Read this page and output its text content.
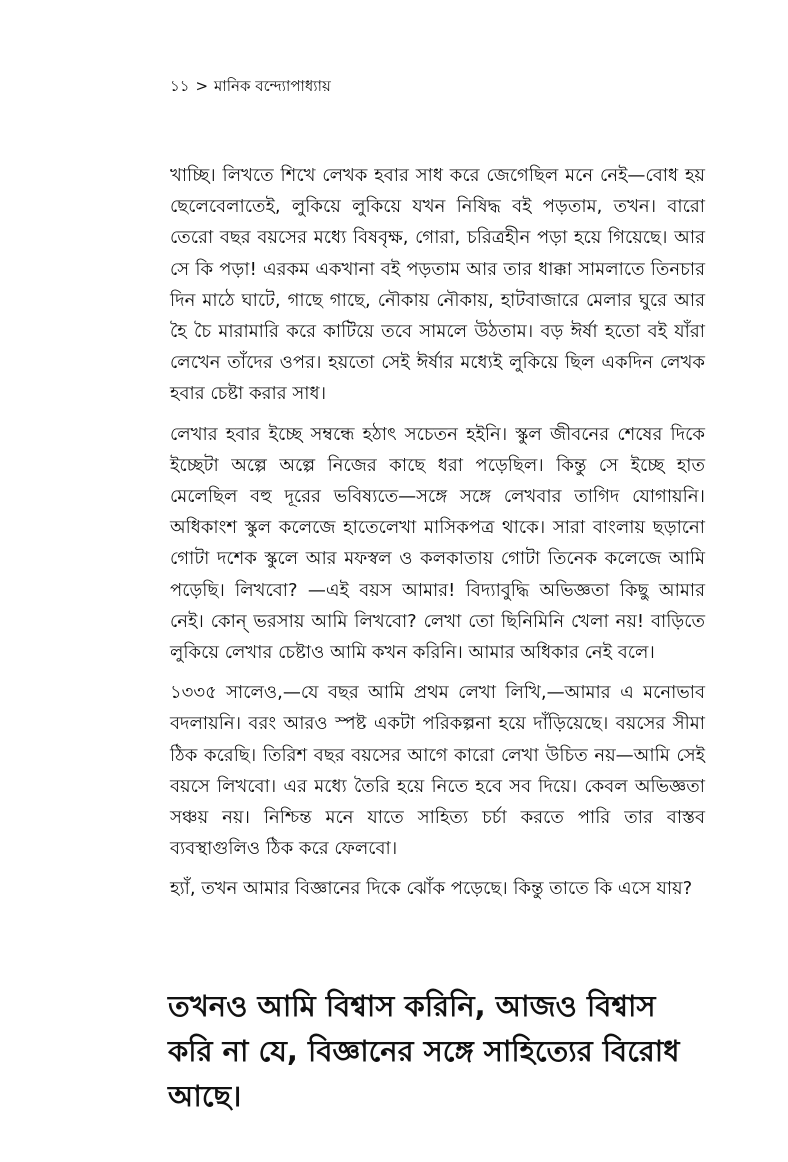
১১ > মানিক বন্দ্যোপাধ্যায়

খাচ্ছি। লিখতে শিখে লেখক হবার সাধ করে জেগেছিল মনে নেই—বোধ হয় ছেলেবেলাতেই, লুকিয়ে লুকিয়ে যখন নিষিদ্ধ বই পড়তাম, তখন। বারো তেরো বছর বয়সের মধ্যে বিষবৃক্ষ, গোরা, চরিত্রহীন পড়া হয়ে গিয়েছে। আর সে কি পড়া! এরকম একখানা বই পড়তাম আর তার ধাক্কা সামলাতে তিনচার দিন মাঠে ঘাটে, গাছে গাছে, নৌকায় নৌকায়, হাটবাজারে মেলার ঘুরে আর হৈ চৈ মারামারি করে কাটিয়ে তবে সামলে উঠতাম। বড় ঈর্ষা হতো বই যাঁরা লেখেন তাঁদের ওপর। হয়তো সেই ঈর্ষার মধ্যেই লুকিয়ে ছিল একদিন লেখক হবার চেষ্টা করার সাধ।

লেখার হবার ইচ্ছে সম্বন্ধে হঠাৎ সচেতন হইনি। স্কুল জীবনের শেষের দিকে ইচ্ছেটা অল্পে অল্পে নিজের কাছে ধরা পড়েছিল। কিন্তু সে ইচ্ছে হাত মেলেছিল বহু দূরের ভবিষ্যতে—সঙ্গে সঙ্গে লেখবার তাগিদ যোগায়নি। অধিকাংশ স্কুল কলেজে হাতেলেখা মাসিকপত্র থাকে। সারা বাংলায় ছড়ানো গোটা দশেক স্কুলে আর মফস্বল ও কলকাতায় গোটা তিনেক কলেজে আমি পড়েছি। লিখবো? —এই বয়স আমার! বিদ্যাবুদ্ধি অভিজ্ঞতা কিছু আমার নেই। কোন্ ভরসায় আমি লিখবো? লেখা তো ছিনিমিনি খেলা নয়! বাড়িতে লুকিয়ে লেখার চেষ্টাও আমি কখন করিনি। আমার অধিকার নেই বলে।

১৩৩৫ সালেও,—যে বছর আমি প্রথম লেখা লিখি,—আমার এ মনোভাব বদলায়নি। বরং আরও স্পষ্ট একটা পরিকল্পনা হয়ে দাঁড়িয়েছে। বয়সের সীমা ঠিক করেছি। তিরিশ বছর বয়সের আগে কারো লেখা উচিত নয়—আমি সেই বয়সে লিখবো। এর মধ্যে তৈরি হয়ে নিতে হবে সব দিয়ে। কেবল অভিজ্ঞতা সঞ্চয় নয়। নিশ্চিন্ত মনে যাতে সাহিত্য চর্চা করতে পারি তার বাস্তব ব্যবস্থাগুলিও ঠিক করে ফেলবো।

হ্যাঁ, তখন আমার বিজ্ঞানের দিকে ঝোঁক পড়েছে। কিন্তু তাতে কি এসে যায়?

তখনও আমি বিশ্বাস করিনি, আজও বিশ্বাস করি না যে, বিজ্ঞানের সঙ্গে সাহিত্যের বিরোধ আছে।
